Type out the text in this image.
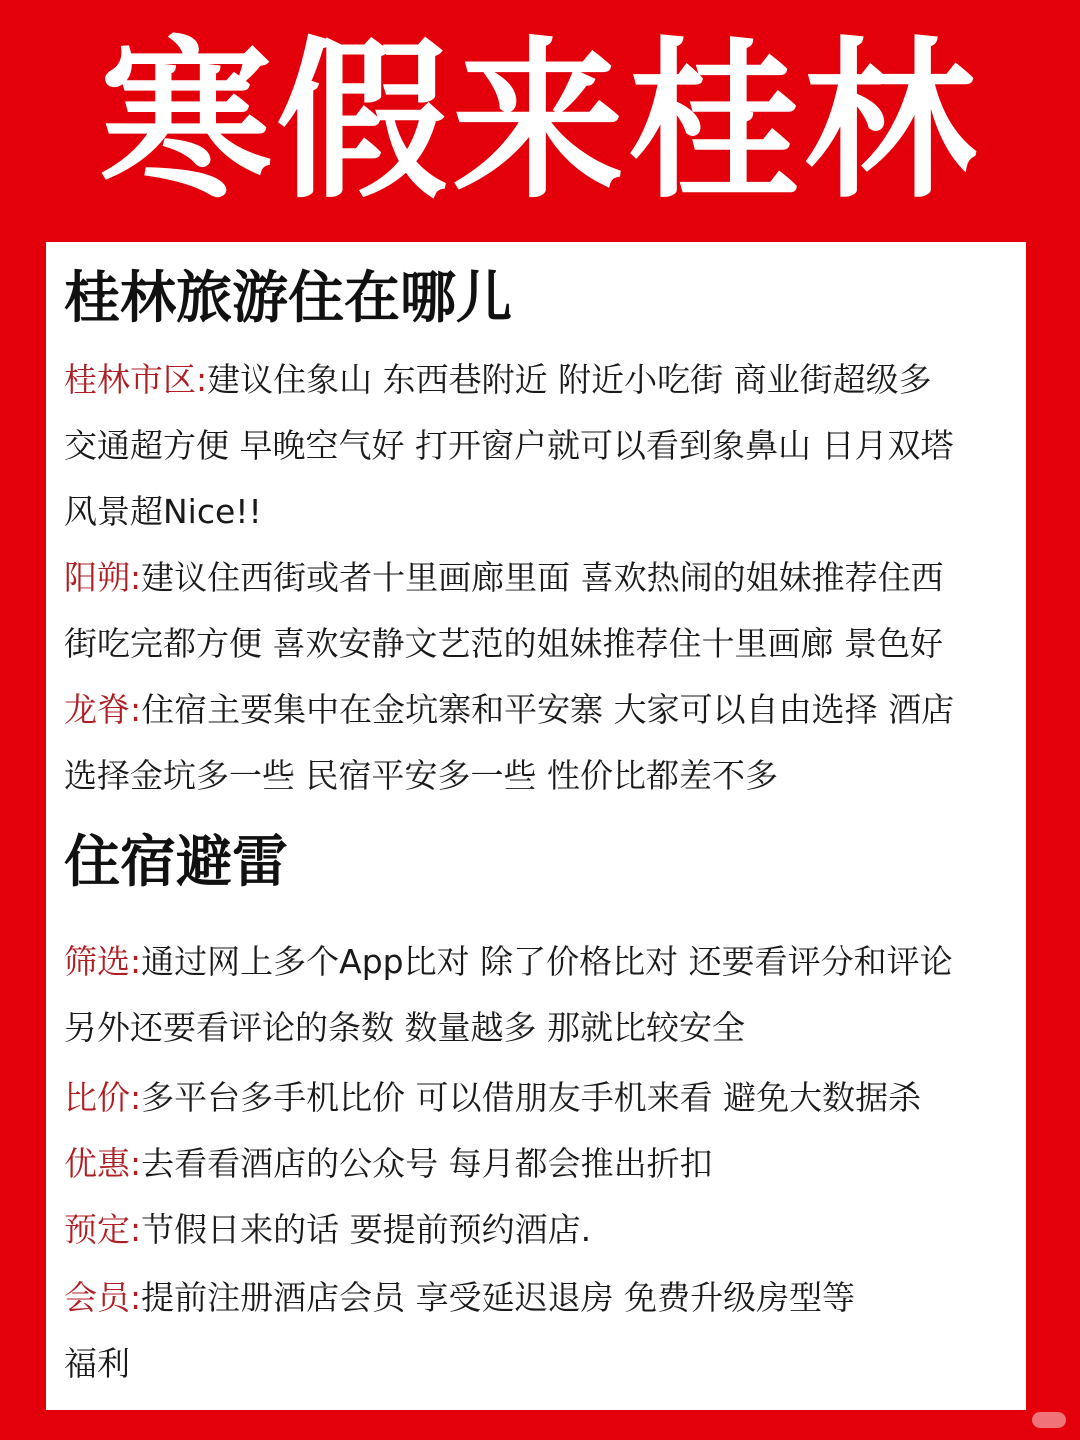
寒假来桂林
桂林旅游住在哪儿
桂林市区:建议住象山 东西巷附近 附近小吃街 商业街超级多
交通超方便 早晚空气好 打开窗户就可以看到象鼻山 日月双塔
风景超Nice!!
阳朔:建议住西街或者十里画廊里面 喜欢热闹的姐妹推荐住西
街吃完都方便 喜欢安静文艺范的姐妹推荐住十里画廊 景色好
龙脊:住宿主要集中在金坑寨和平安寨 大家可以自由选择 酒店
选择金坑多一些 民宿平安多一些 性价比都差不多
住宿避雷
筛选:通过网上多个App比对 除了价格比对 还要看评分和评论
另外还要看评论的条数 数量越多 那就比较安全
比价:多平台多手机比价 可以借朋友手机来看 避免大数据杀
优惠:去看看酒店的公众号 每月都会推出折扣
预定:节假日来的话 要提前预约酒店.
会员:提前注册酒店会员 享受延迟退房 免费升级房型等
福利
